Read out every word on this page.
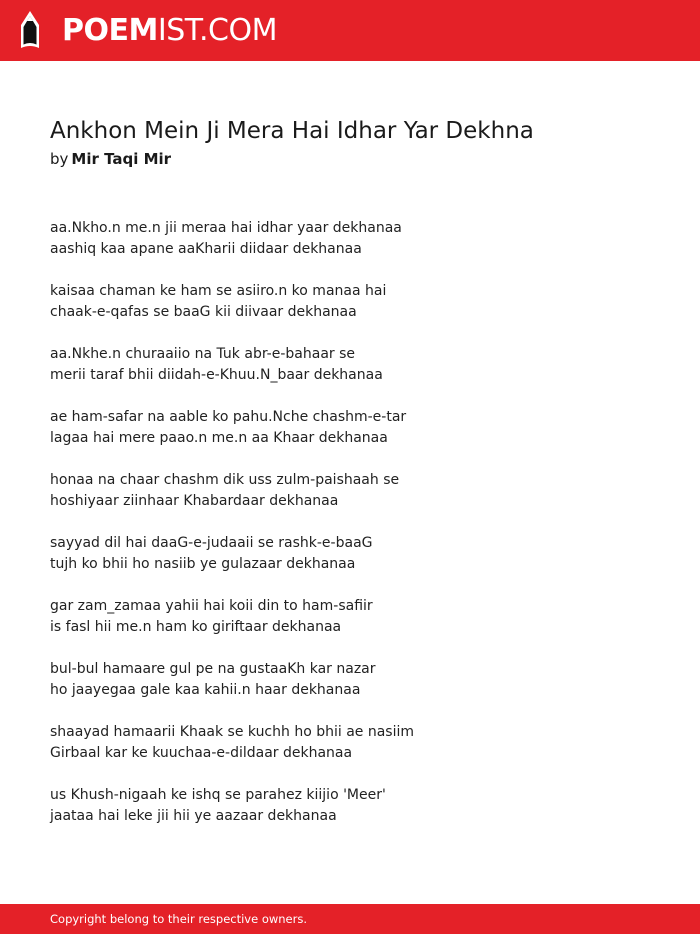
POEMIST.COM
Ankhon Mein Ji Mera Hai Idhar Yar Dekhna
by Mir Taqi Mir
aa.Nkho.n me.n jii meraa hai idhar yaar dekhanaa
aashiq kaa apane aaKharii diidaar dekhanaa
kaisaa chaman ke ham se asiiro.n ko manaa hai
chaak-e-qafas se baaG kii diivaar dekhanaa
aa.Nkhe.n churaaiio na Tuk abr-e-bahaar se
merii taraf bhii diidah-e-Khuu.N_baar dekhanaa
ae ham-safar na aable ko pahu.Nche chashm-e-tar
lagaa hai mere paao.n me.n aa Khaar dekhanaa
honaa na chaar chashm dik uss zulm-paishaah se
hoshiyaar ziinhaar Khabardaar dekhanaa
sayyad dil hai daaG-e-judaaii se rashk-e-baaG
tujh ko bhii ho nasiib ye gulazaar dekhanaa
gar zam_zamaa yahii hai koii din to ham-safiir
is fasl hii me.n ham ko giriftaar dekhanaa
bul-bul hamaare gul pe na gustaaKh kar nazar
ho jaayegaa gale kaa kahii.n haar dekhanaa
shaayad hamaarii Khaak se kuchh ho bhii ae nasiim
Girbaal kar ke kuuchaa-e-dildaar dekhanaa
us Khush-nigaah ke ishq se parahez kiijio 'Meer'
jaataa hai leke jii hii ye aazaar dekhanaa
Copyright belong to their respective owners.
